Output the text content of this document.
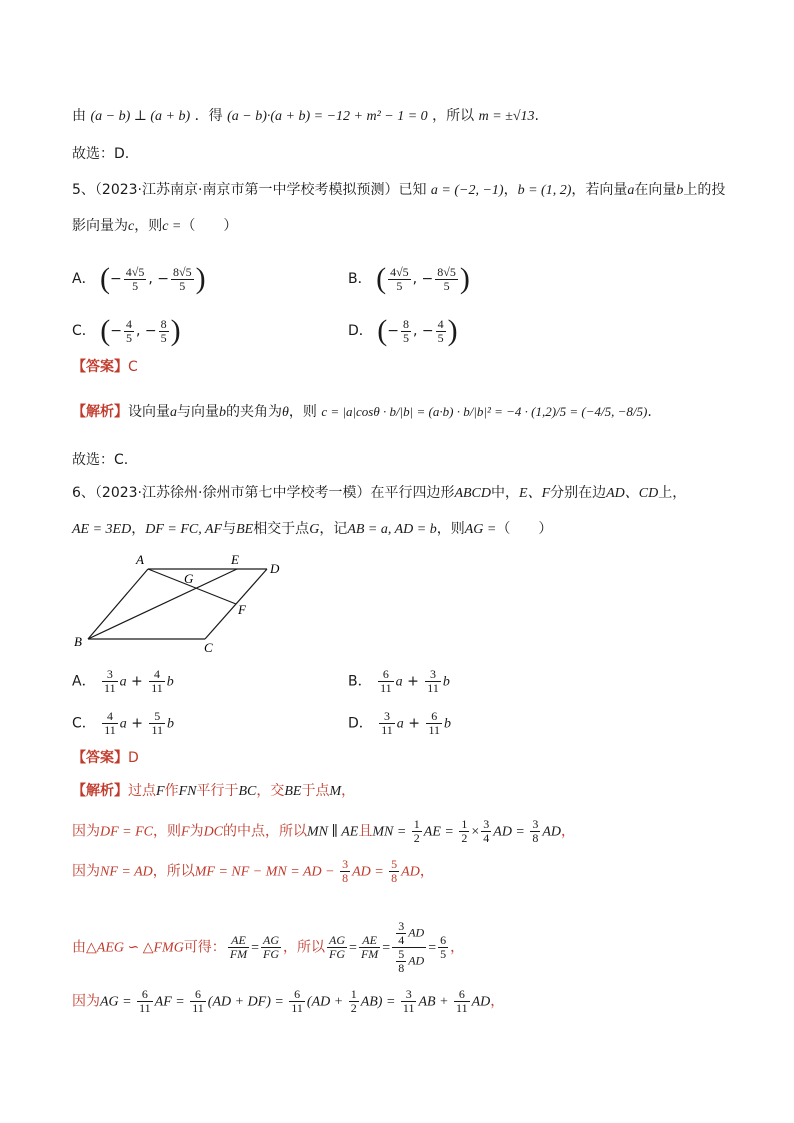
由 (a − b) ⊥ (a + b) ．得 (a − b)·(a + b) = −12 + m² − 1 = 0 ，所以 m = ±√13.
故选：D.
5、（2023·江苏南京·南京市第一中学校考模拟预测）已知 a = (−2, −1)，b = (1, 2)，若向量a在向量b上的投
影向量为c，则c =（　　）
A． (− $\frac{4√5}{5}$ , − $\frac{8√5}{5}$ )	B． ( $\frac{4√5}{5}$ , − $\frac{8√5}{5}$ )
C． (− $\frac{4}{5}$ , − $\frac{8}{5}$ )	D． (− $\frac{8}{5}$ , − $\frac{4}{5}$ )
【答案】C
【解析】设向量a与向量b的夹角为θ，则 c = |a|cosθ · b/|b| = (a·b) · b/|b|² = −4 · (1,2)/5 = (−4/5, −8/5).
故选：C.
6、（2023·江苏徐州·徐州市第七中学校考一模）在平行四边形ABCD中，E、F分别在边AD、CD上，
AE = 3ED，DF = FC, AF与BE相交于点G，记AB = a, AD = b，则AG =（　　）
A	E
D
G
F
B	C
A． $\frac{3}{11}$ $a + \frac{4}{11}$ b	B． $\frac{6}{11}$ $a + \frac{3}{11}$ b
C． $\frac{4}{11}$ $a + \frac{5}{11}$ b	D． $\frac{3}{11}$ $a + \frac{6}{11}$ b
【答案】D
【解析】过点F作FN平行于BC，交BE于点M，
因为DF = FC，则F为DC的中点，所以MN ∥ AE且MN = $\frac{1}{2}$ AE = $\frac{1}{2} \times \frac{3}{4}$ AD = $\frac{3}{8}$ AD，
因为NF = AD，所以MF = NF − MN = AD − $\frac{3}{8}$ AD = $\frac{5}{8}$ AD，
由△AEG ∽ △FMG可得： $\frac{AE}{FM} = \frac{AG}{FG}$ ，所以 $\frac{AG}{FG} = \frac{AE}{FM} = \frac{\frac{3}{4} AD}{\frac{5}{8} AD} = \frac{6}{5}$ ，
因为AG = $\frac{6}{11}$ AF = $\frac{6}{11} (AD + DF) = \frac{6}{11} (AD + \frac{1}{2} AB) = \frac{3}{11}$ AB + $\frac{6}{11}$ AD，
